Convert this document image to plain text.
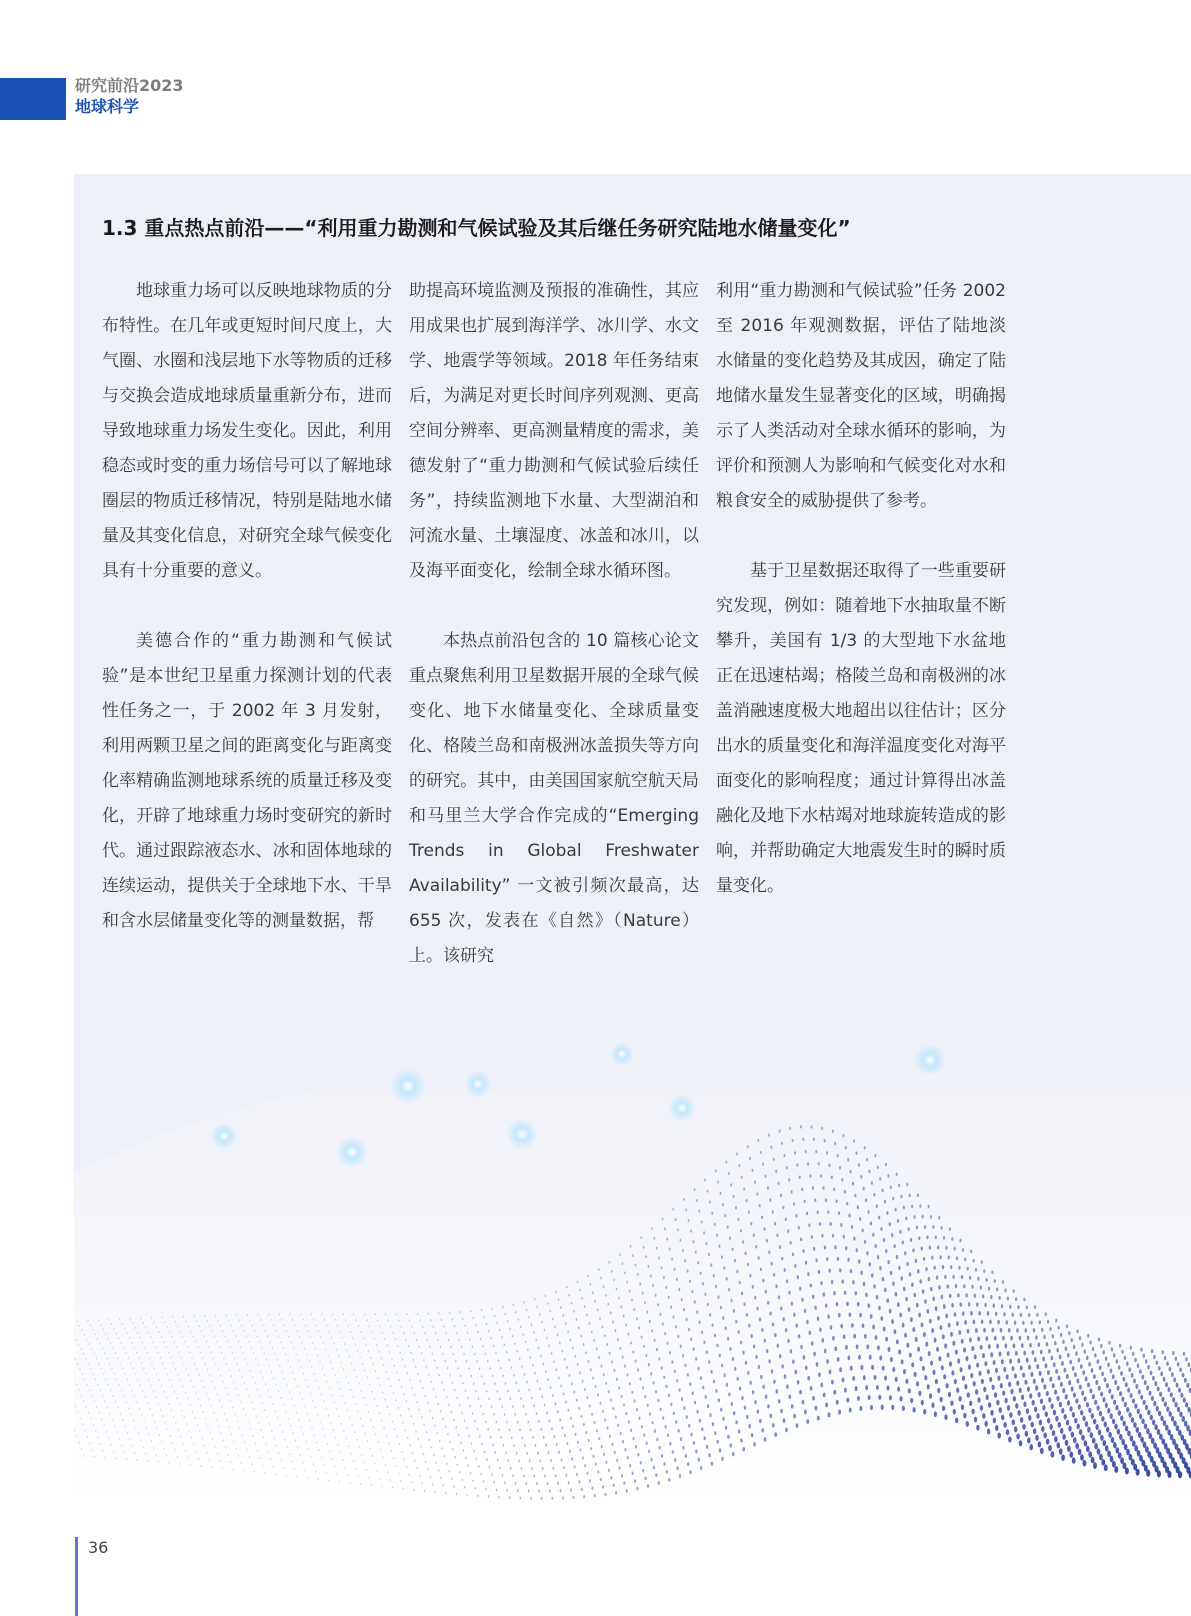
研究前沿2023
地球科学
1.3 重点热点前沿——“利用重力勘测和气候试验及其后继任务研究陆地水储量变化”

地球重力场可以反映地球物质的分布特性。在几年或更短时间尺度上，大气圈、水圈和浅层地下水等物质的迁移与交换会造成地球质量重新分布，进而导致地球重力场发生变化。因此，利用稳态或时变的重力场信号可以了解地球圈层的物质迁移情况，特别是陆地水储量及其变化信息，对研究全球气候变化具有十分重要的意义。

美德合作的“重力勘测和气候试验”是本世纪卫星重力探测计划的代表性任务之一，于 2002 年 3 月发射，利用两颗卫星之间的距离变化与距离变化率精确监测地球系统的质量迁移及变化，开辟了地球重力场时变研究的新时代。通过跟踪液态水、冰和固体地球的连续运动，提供关于全球地下水、干旱和含水层储量变化等的测量数据，帮

助提高环境监测及预报的准确性，其应用成果也扩展到海洋学、冰川学、水文学、地震学等领域。2018 年任务结束后，为满足对更长时间序列观测、更高空间分辨率、更高测量精度的需求，美德发射了“重力勘测和气候试验后续任务”，持续监测地下水量、大型湖泊和河流水量、土壤湿度、冰盖和冰川，以及海平面变化，绘制全球水循环图。

本热点前沿包含的 10 篇核心论文重点聚焦利用卫星数据开展的全球气候变化、地下水储量变化、全球质量变化、格陵兰岛和南极洲冰盖损失等方向的研究。其中，由美国国家航空航天局和马里兰大学合作完成的“Emerging Trends in Global Freshwater Availability” 一文被引频次最高，达 655 次，发表在《自然》（Nature）上。该研究

利用“重力勘测和气候试验”任务 2002 至 2016 年观测数据，评估了陆地淡水储量的变化趋势及其成因，确定了陆地储水量发生显著变化的区域，明确揭示了人类活动对全球水循环的影响，为评价和预测人为影响和气候变化对水和粮食安全的威胁提供了参考。

基于卫星数据还取得了一些重要研究发现，例如：随着地下水抽取量不断攀升，美国有 1/3 的大型地下水盆地正在迅速枯竭；格陵兰岛和南极洲的冰盖消融速度极大地超出以往估计；区分出水的质量变化和海洋温度变化对海平面变化的影响程度；通过计算得出冰盖融化及地下水枯竭对地球旋转造成的影响，并帮助确定大地震发生时的瞬时质量变化。

36
